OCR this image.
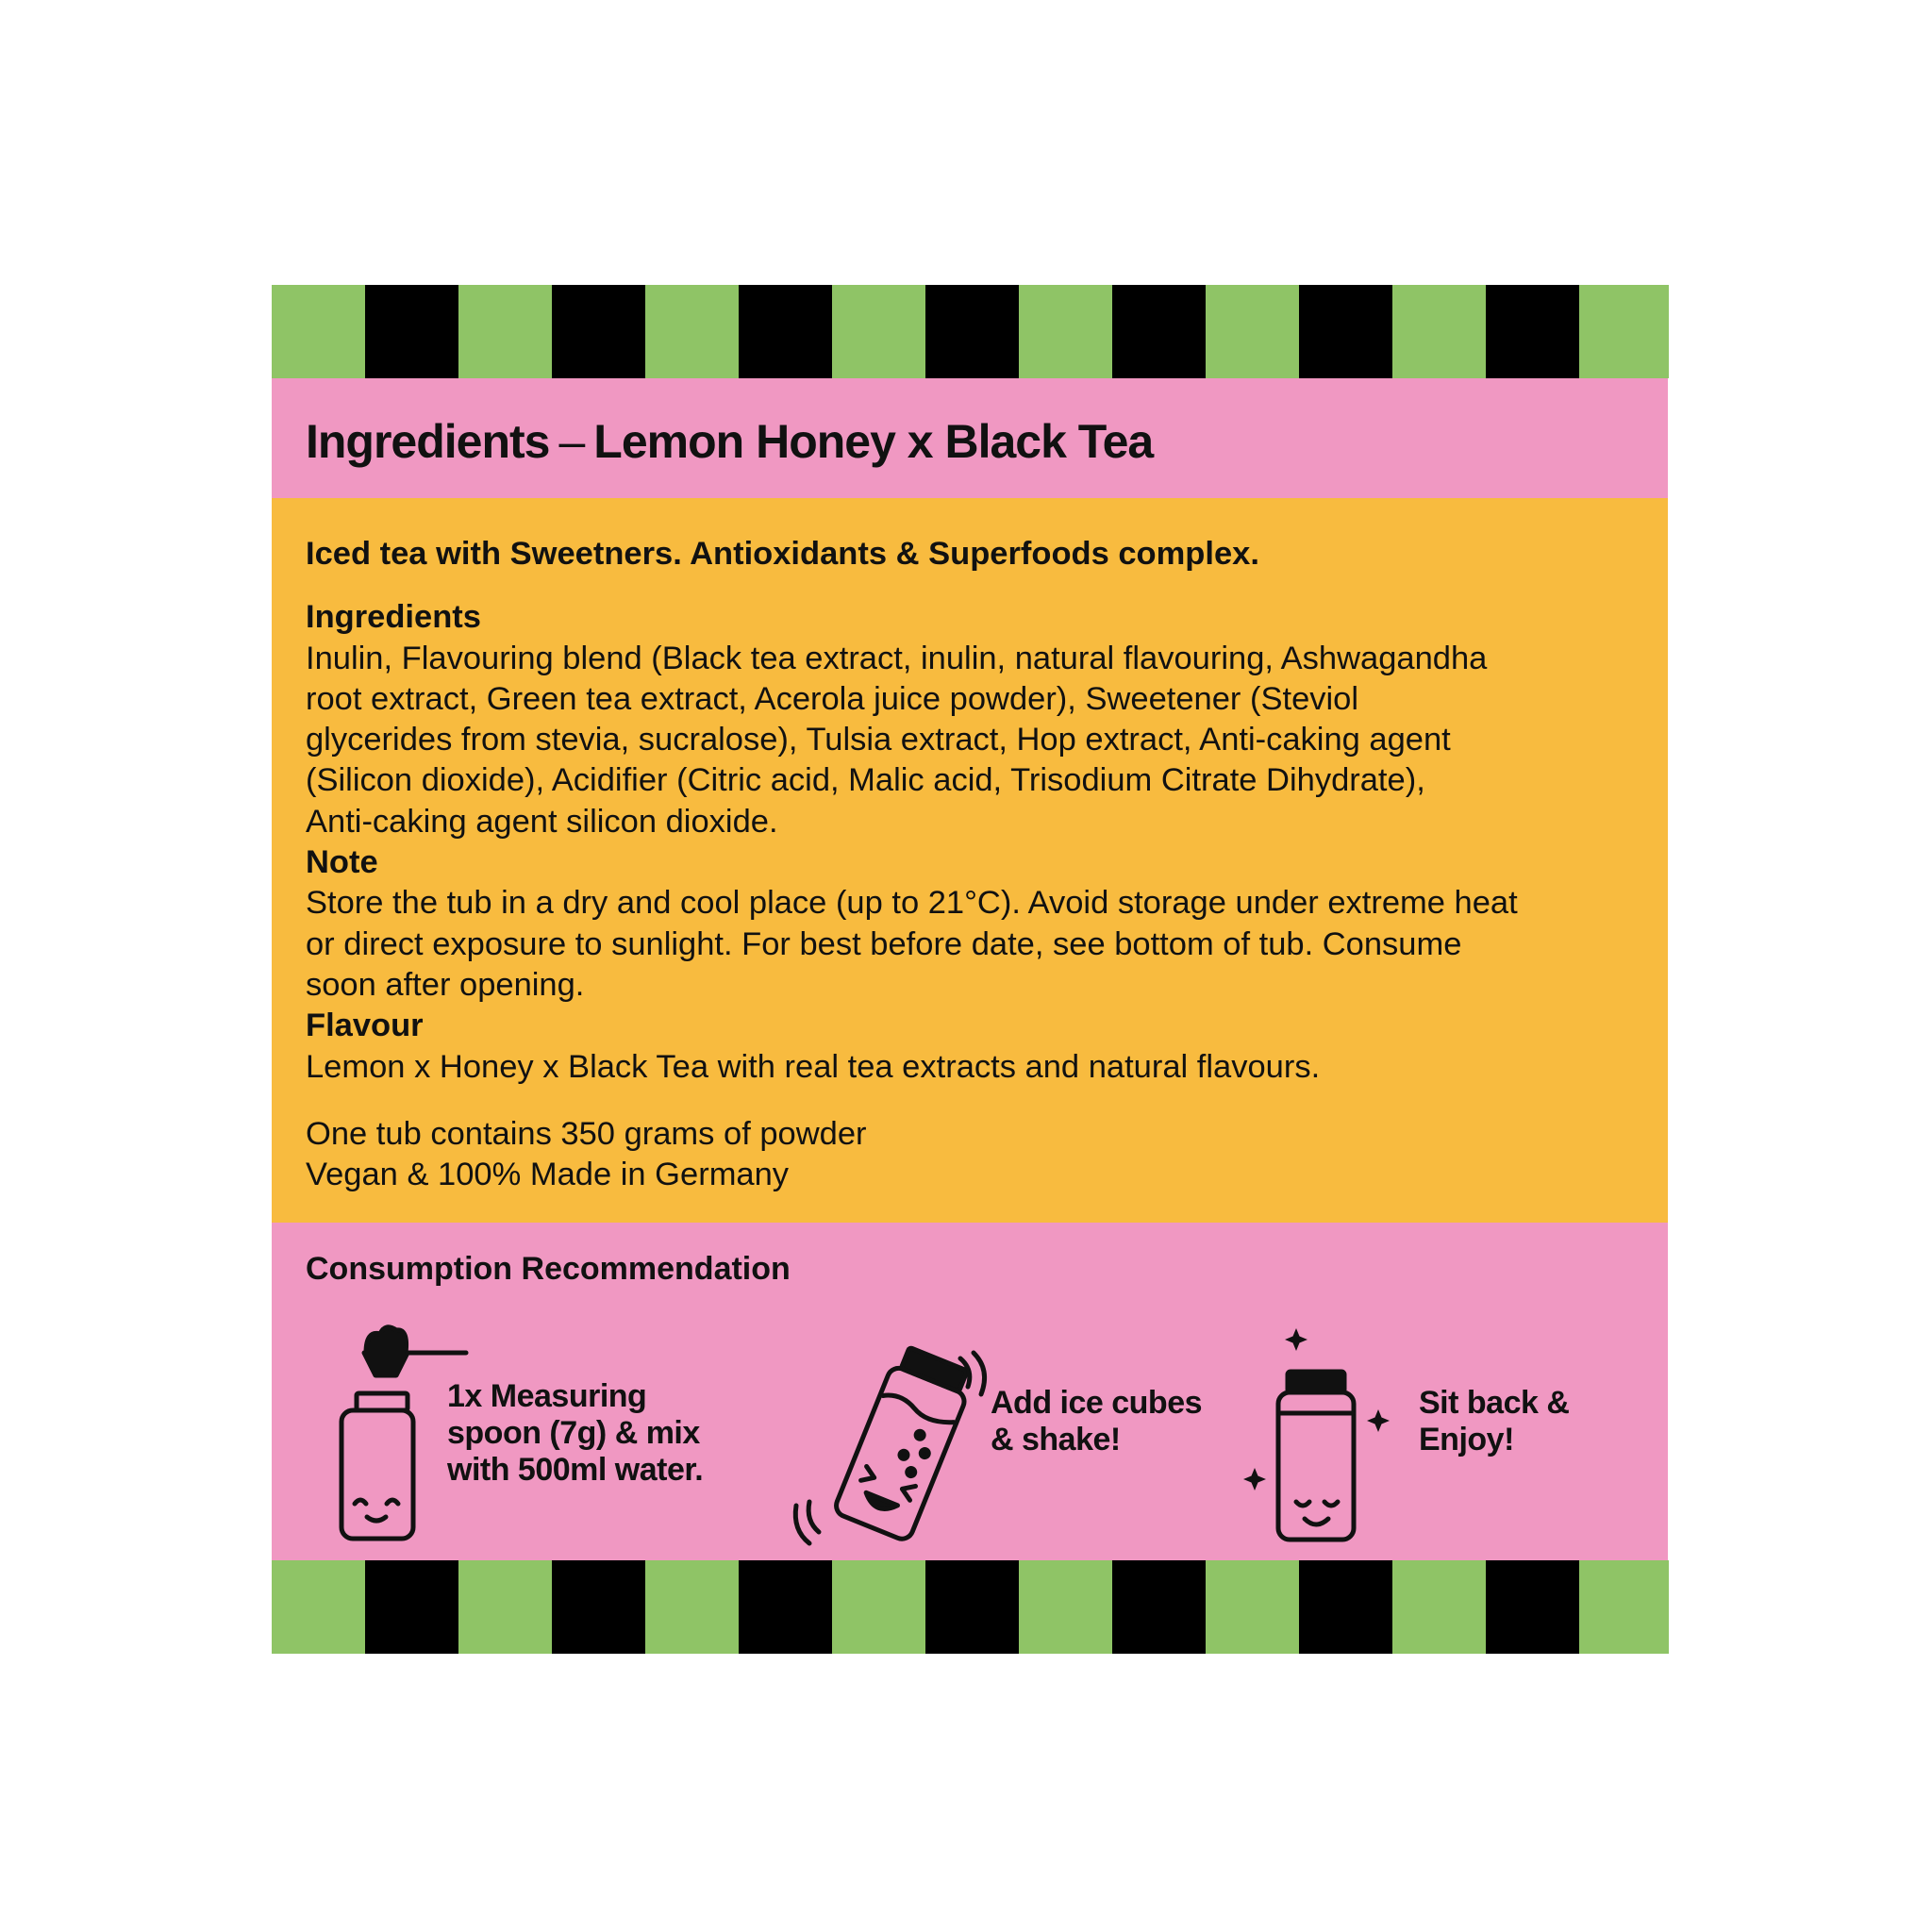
Ingredients – Lemon Honey x Black Tea

Iced tea with Sweetners. Antioxidants & Superfoods complex.

Ingredients

Inulin, Flavouring blend (Black tea extract, inulin, natural flavouring, Ashwagandha

root extract, Green tea extract, Acerola juice powder), Sweetener (Steviol

glycerides from stevia, sucralose), Tulsia extract, Hop extract, Anti-caking agent

(Silicon dioxide), Acidifier (Citric acid, Malic acid, Trisodium Citrate Dihydrate),

Anti-caking agent silicon dioxide.

Note

Store the tub in a dry and cool place (up to 21°C). Avoid storage under extreme heat

or direct exposure to sunlight. For best before date, see bottom of tub. Consume

soon after opening.

Flavour

Lemon x Honey x Black Tea with real tea extracts and natural flavours.

One tub contains 350 grams of powder

Vegan & 100% Made in Germany

Consumption Recommendation

1x Measuring
spoon (7g) & mix
with 500ml water.

Add ice cubes
& shake!

Sit back &
Enjoy!
